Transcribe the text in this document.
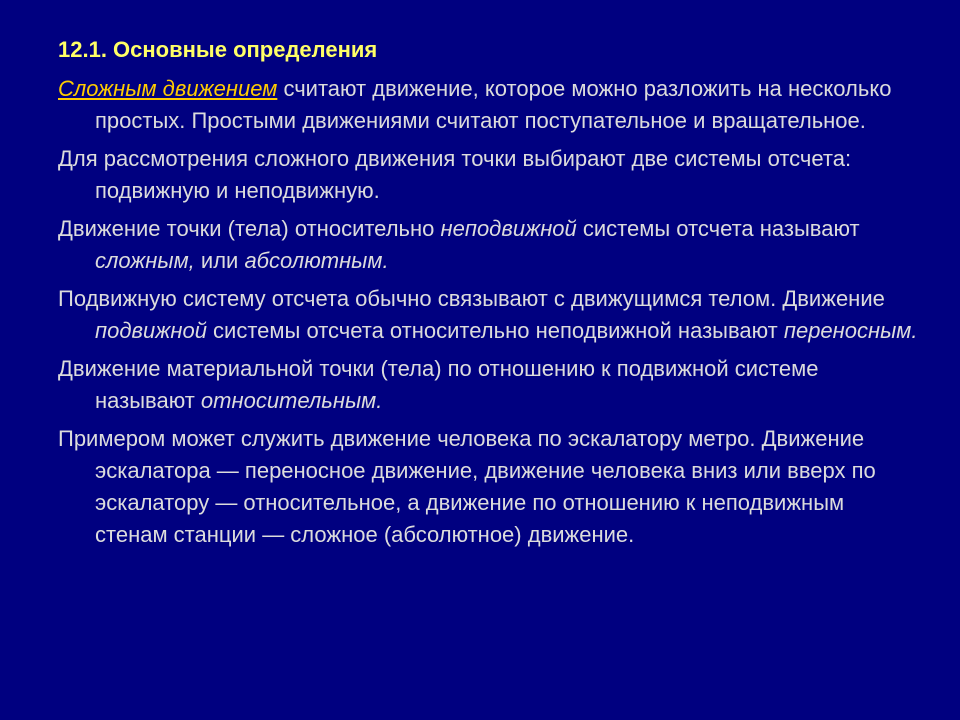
12.1. Основные определения

Сложным движением считают движение, которое можно разложить на несколько простых. Простыми движениями считают поступательное и вращательное.

Для рассмотрения сложного движения точки выбирают две системы отсчета: подвижную и неподвижную.

Движение точки (тела) относительно неподвижной системы отсчета называют сложным, или абсолютным.

Подвижную систему отсчета обычно связывают с движущимся телом. Движение подвижной системы отсчета относительно неподвижной называют переносным.

Движение материальной точки (тела) по отношению к подвижной системе называют относительным.

Примером может служить движение человека по эскалатору метро. Движение эскалатора — переносное движение, движение человека вниз или вверх по эскалатору — относительное, а движение по отношению к неподвижным стенам станции — сложное (абсолютное) движение.
